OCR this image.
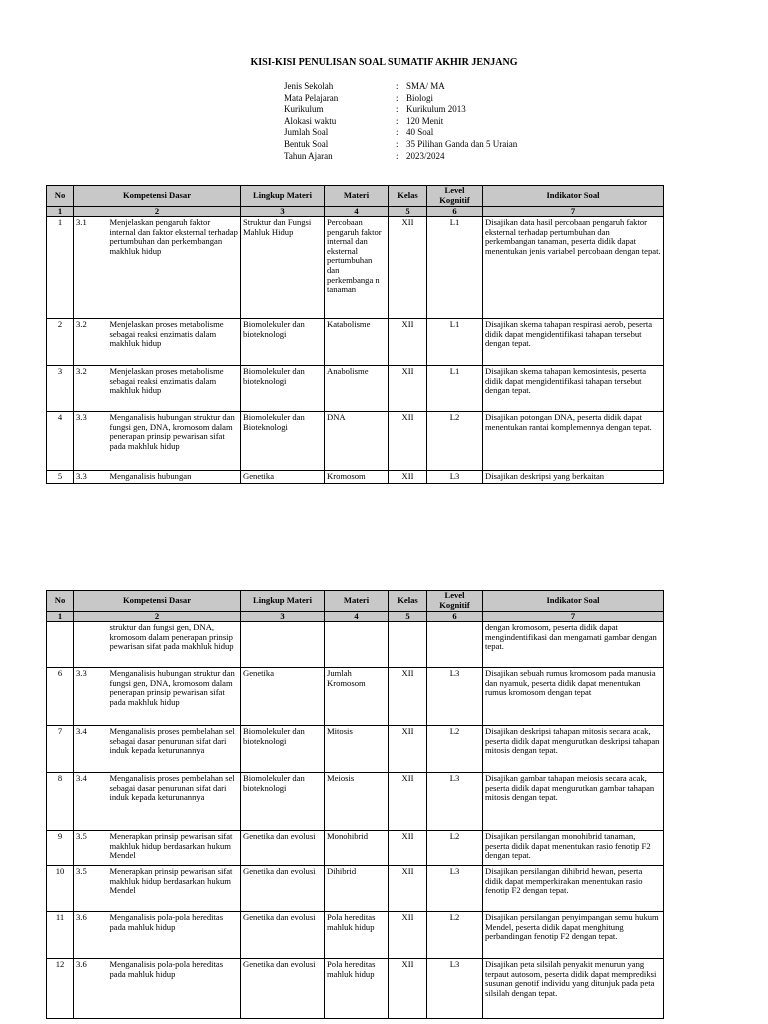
KISI-KISI PENULISAN SOAL SUMATIF AKHIR JENJANG
Jenis Sekolah	: SMA/ MA
Mata Pelajaran	: Biologi
Kurikulum	: Kurikulum 2013
Alokasi waktu	: 120 Menit
Jumlah Soal	: 40 Soal
Bentuk Soal	: 35 Pilihan Ganda dan 5 Uraian
Tahun Ajaran	: 2023/2024
No	Kompetensi Dasar		Lingkup Materi	Materi	Kelas	Level Kognitif	Indikator Soal
1	2		3	4	5	6	7
1	3.1	Menjelaskan pengaruh faktor internal dan faktor eksternal terhadap pertumbuhan dan perkembangan makhluk hidup	Struktur dan Fungsi Mahluk Hidup	Percobaan pengaruh faktor internal dan eksternal pertumbuhan dan perkembanga n tanaman	XII	L1	Disajikan data hasil percobaan pengaruh faktor eksternal terhadap pertumbuhan dan perkembangan tanaman, peserta didik dapat menentukan jenis variabel percobaan dengan tepat.
2	3.2	Menjelaskan proses metabolisme sebagai reaksi enzimatis dalam makhluk hidup	Biomolekuler dan bioteknologi	Katabolisme	XII	L1	Disajikan skema tahapan respirasi aerob, peserta didik dapat mengidentifikasi tahapan tersebut dengan tepat.
3	3.2	Menjelaskan proses metabolisme sebagai reaksi enzimatis dalam makhluk hidup	Biomolekuler dan bioteknologi	Anabolisme	XII	L1	Disajikan skema tahapan kemosintesis, peserta didik dapat mengidentifikasi tahapan tersebut dengan tepat.
4	3.3	Menganalisis hubungan struktur dan fungsi gen, DNA, kromosom dalam penerapan prinsip pewarisan sifat pada makhluk hidup	Biomolekuler dan Bioteknologi	DNA	XII	L2	Disajikan potongan DNA, peserta didik dapat menentukan rantai komplemennya dengan tepat.
5	3.3	Menganalisis hubungan	Genetika	Kromosom	XII	L3	Disajikan deskripsi yang berkaitan
No	Kompetensi Dasar		Lingkup Materi	Materi	Kelas	Level Kognitif	Indikator Soal
1	2		3	4	5	6	7
		struktur dan fungsi gen, DNA, kromosom dalam penerapan prinsip pewarisan sifat pada makhluk hidup					dengan kromosom, peserta didik dapat mengindentifikasi dan mengamati gambar dengan tepat.
6	3.3	Menganalisis hubungan struktur dan fungsi gen, DNA, kromosom dalam penerapan prinsip pewarisan sifat pada makhluk hidup	Genetika	Jumlah Kromosom	XII	L3	Disajikan sebuah rumus kromosom pada manusia dan nyamuk, peserta didik dapat menentukan rumus kromosom dengan tepat
7	3.4	Menganalisis proses pembelahan sel sebagai dasar penurunan sifat dari induk kepada keturunannya	Biomolekuler dan bioteknologi	Mitosis	XII	L2	Disajikan deskripsi tahapan mitosis secara acak, peserta didik dapat mengurutkan deskripsi tahapan mitosis dengan tepat.
8	3.4	Menganalisis proses pembelahan sel sebagai dasar penurunan sifat dari induk kepada keturunannya	Biomolekuler dan bioteknologi	Meiosis	XII	L3	Disajikan gambar tahapan meiosis secara acak, peserta didik dapat mengurutkan gambar tahapan mitosis dengan tepat.
9	3.5	Menerapkan prinsip pewarisan sifat makhluk hidup berdasarkan hukum Mendel	Genetika dan evolusi	Monohibrid	XII	L2	Disajikan persilangan monohibrid tanaman, peserta didik dapat menentukan rasio fenotip F2 dengan tepat.
10	3.5	Menerapkan prinsip pewarisan sifat makhluk hidup berdasarkan hukum Mendel	Genetika dan evolusi	Dihibrid	XII	L3	Disajikan persilangan dihibrid hewan, peserta didik dapat memperkirakan menentukan rasio fenotip F2 dengan tepat.
11	3.6	Menganalisis pola-pola hereditas pada mahluk hidup	Genetika dan evolusi	Pola hereditas mahluk hidup	XII	L2	Disajikan persilangan penyimpangan semu hukum Mendel, peserta didik dapat menghitung perbandingan fenotip F2 dengan tepat.
12	3.6	Menganalisis pola-pola hereditas pada mahluk hidup	Genetika dan evolusi	Pola hereditas mahluk hidup	XII	L3	Disajikan peta silsilah penyakit menurun yang terpaut autosom, peserta didik dapat memprediksi susunan genotif individu yang ditunjuk pada peta silsilah dengan tepat.
